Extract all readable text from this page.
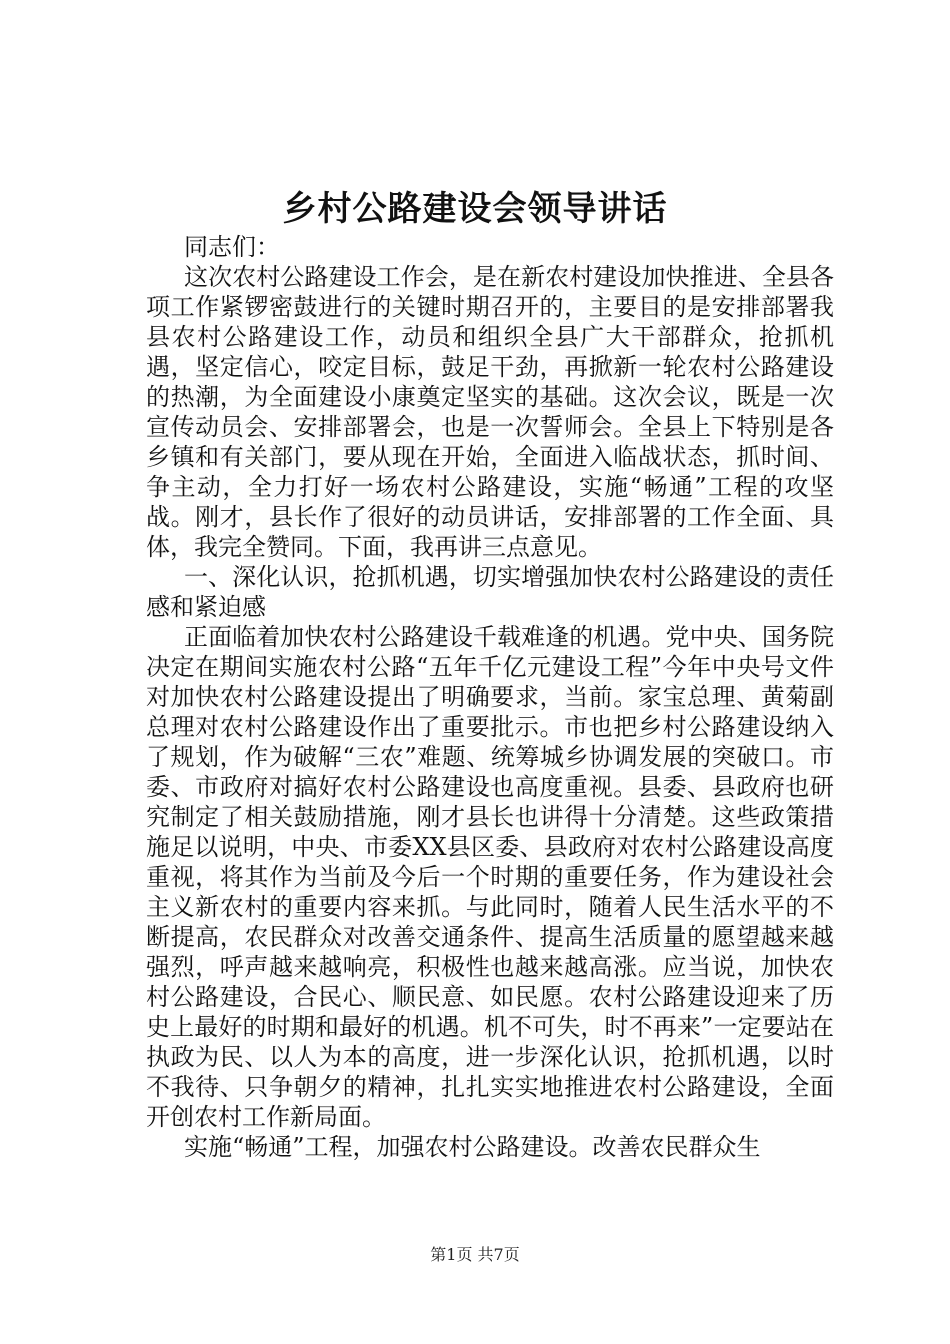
乡村公路建设会领导讲话

同志们：

这次农村公路建设工作会，是在新农村建设加快推进、全县各项工作紧锣密鼓进行的关键时期召开的，主要目的是安排部署我县农村公路建设工作，动员和组织全县广大干部群众，抢抓机遇，坚定信心，咬定目标，鼓足干劲，再掀新一轮农村公路建设的热潮，为全面建设小康奠定坚实的基础。这次会议，既是一次宣传动员会、安排部署会，也是一次誓师会。全县上下特别是各乡镇和有关部门，要从现在开始，全面进入临战状态，抓时间、争主动，全力打好一场农村公路建设，实施“畅通”工程的攻坚战。刚才，县长作了很好的动员讲话，安排部署的工作全面、具体，我完全赞同。下面，我再讲三点意见。

一、深化认识，抢抓机遇，切实增强加快农村公路建设的责任感和紧迫感

正面临着加快农村公路建设千载难逢的机遇。党中央、国务院决定在期间实施农村公路“五年千亿元建设工程”今年中央号文件对加快农村公路建设提出了明确要求，当前。家宝总理、黄菊副总理对农村公路建设作出了重要批示。市也把乡村公路建设纳入了规划，作为破解“三农”难题、统筹城乡协调发展的突破口。市委、市政府对搞好农村公路建设也高度重视。县委、县政府也研究制定了相关鼓励措施，刚才县长也讲得十分清楚。这些政策措施足以说明，中央、市委XX县区委、县政府对农村公路建设高度重视，将其作为当前及今后一个时期的重要任务，作为建设社会主义新农村的重要内容来抓。与此同时，随着人民生活水平的不断提高，农民群众对改善交通条件、提高生活质量的愿望越来越强烈，呼声越来越响亮，积极性也越来越高涨。应当说，加快农村公路建设，合民心、顺民意、如民愿。农村公路建设迎来了历史上最好的时期和最好的机遇。机不可失，时不再来”一定要站在执政为民、以人为本的高度，进一步深化认识，抢抓机遇，以时不我待、只争朝夕的精神，扎扎实实地推进农村公路建设，全面开创农村工作新局面。

实施“畅通”工程，加强农村公路建设。改善农民群众生

第1页 共7页
